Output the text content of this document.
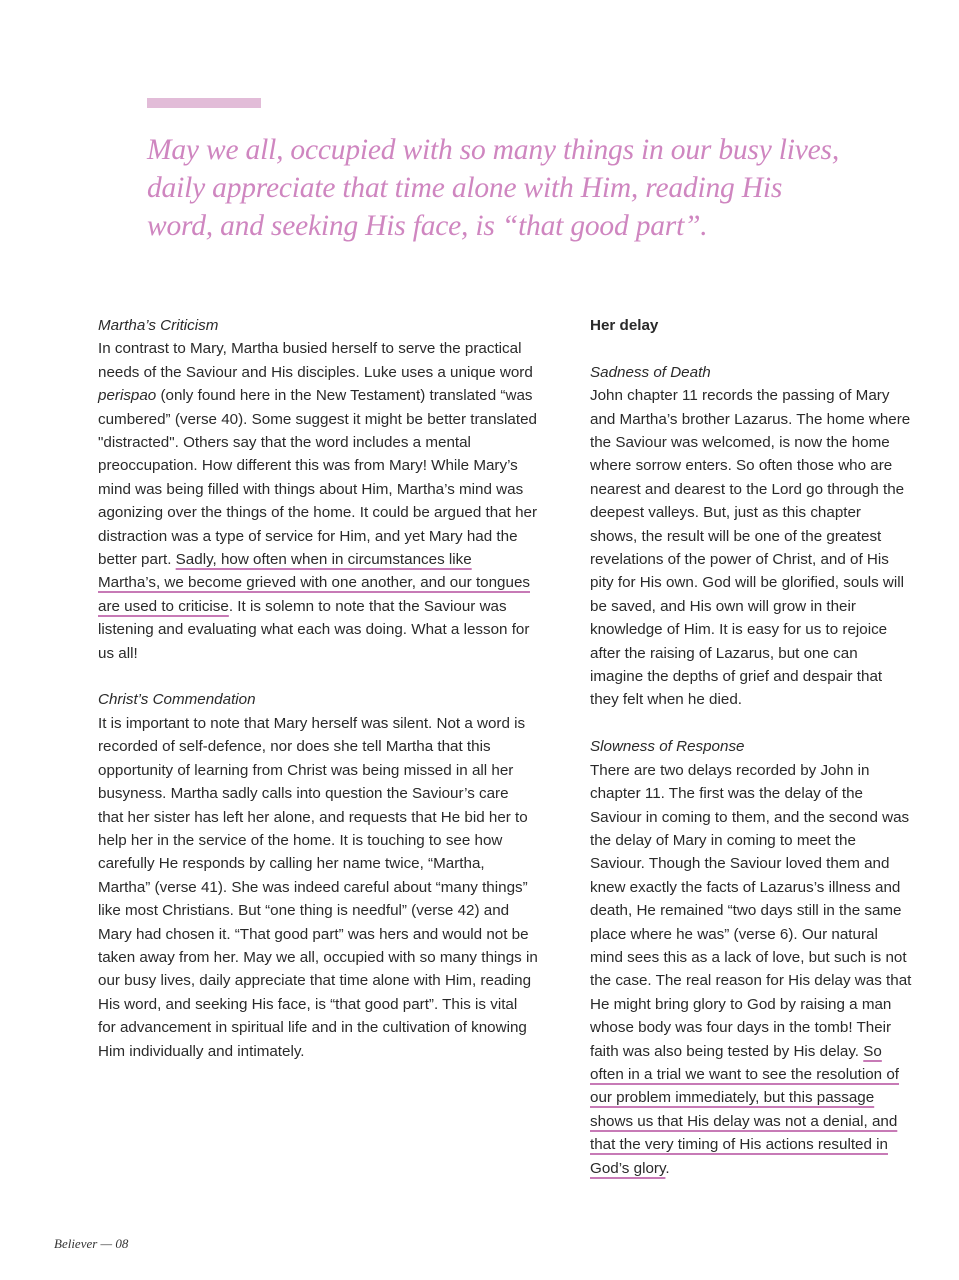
May we all, occupied with so many things in our busy lives, daily appreciate that time alone with Him, reading His word, and seeking His face, is “that good part”.

Martha’s Criticism

In contrast to Mary, Martha busied herself to serve the practical needs of the Saviour and His disciples. Luke uses a unique word perispao (only found here in the New Testament) translated “was cumbered” (verse 40). Some suggest it might be better translated "distracted". Others say that the word includes a mental preoccupation. How different this was from Mary! While Mary’s mind was being filled with things about Him, Martha’s mind was agonizing over the things of the home. It could be argued that her distraction was a type of service for Him, and yet Mary had the better part. Sadly, how often when in circumstances like Martha’s, we become grieved with one another, and our tongues are used to criticise. It is solemn to note that the Saviour was listening and evaluating what each was doing. What a lesson for us all!

Christ’s Commendation

It is important to note that Mary herself was silent. Not a word is recorded of self-defence, nor does she tell Martha that this opportunity of learning from Christ was being missed in all her busyness. Martha sadly calls into question the Saviour’s care that her sister has left her alone, and requests that He bid her to help her in the service of the home. It is touching to see how carefully He responds by calling her name twice, “Martha, Martha” (verse 41). She was indeed careful about “many things” like most Christians. But “one thing is needful” (verse 42) and Mary had chosen it. “That good part” was hers and would not be taken away from her. May we all, occupied with so many things in our busy lives, daily appreciate that time alone with Him, reading His word, and seeking His face, is “that good part”. This is vital for advancement in spiritual life and in the cultivation of knowing Him individually and intimately.

Her delay

Sadness of Death

John chapter 11 records the passing of Mary and Martha’s brother Lazarus. The home where the Saviour was welcomed, is now the home where sorrow enters. So often those who are nearest and dearest to the Lord go through the deepest valleys. But, just as this chapter shows, the result will be one of the greatest revelations of the power of Christ, and of His pity for His own. God will be glorified, souls will be saved, and His own will grow in their knowledge of Him. It is easy for us to rejoice after the raising of Lazarus, but one can imagine the depths of grief and despair that they felt when he died.

Slowness of Response

There are two delays recorded by John in chapter 11. The first was the delay of the Saviour in coming to them, and the second was the delay of Mary in coming to meet the Saviour. Though the Saviour loved them and knew exactly the facts of Lazarus’s illness and death, He remained “two days still in the same place where he was” (verse 6). Our natural mind sees this as a lack of love, but such is not the case. The real reason for His delay was that He might bring glory to God by raising a man whose body was four days in the tomb! Their faith was also being tested by His delay. So often in a trial we want to see the resolution of our problem immediately, but this passage shows us that His delay was not a denial, and that the very timing of His actions resulted in God’s glory.

Believer — 08
